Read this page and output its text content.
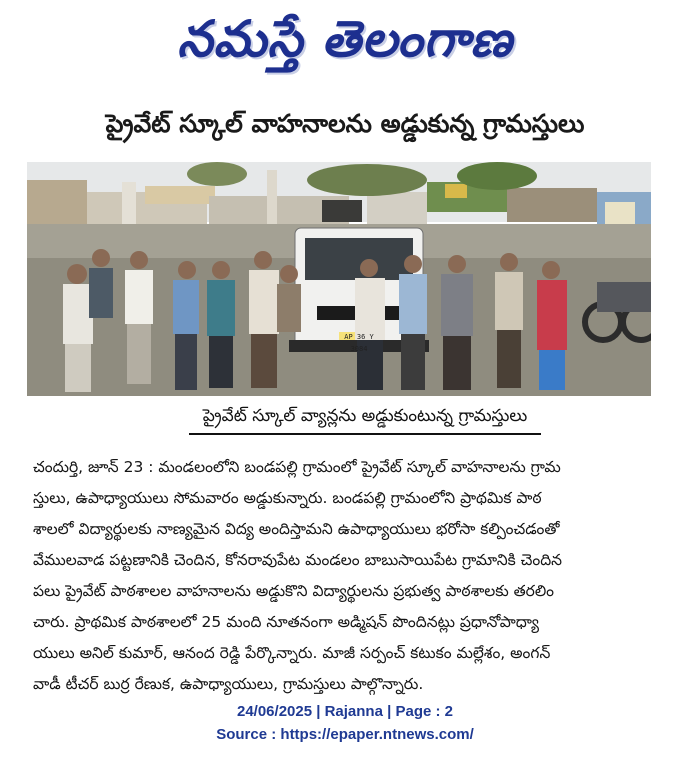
నమస్తే తెలంగాణ
ప్రైవేట్ స్కూల్ వాహనాలను అడ్డుకున్న గ్రామస్తులు
AP 36 Y 3084
ప్రైవేట్ స్కూల్ వ్యాన్లను అడ్డుకుంటున్న గ్రామస్తులు
చందుర్తి, జూన్ 23 : మండలంలోని బండపల్లి గ్రామంలో ప్రైవేట్ స్కూల్ వాహనాలను గ్రామ
స్తులు, ఉపాధ్యాయులు సోమవారం అడ్డుకున్నారు. బండపల్లి గ్రామంలోని ప్రాథమిక పాఠ
శాలలో విద్యార్థులకు నాణ్యమైన విద్య అందిస్తామని ఉపాధ్యాయులు భరోసా కల్పించడంతో
వేములవాడ పట్టణానికి చెందిన, కోనరావుపేట మండలం బాబుసాయిపేట గ్రామానికి చెందిన
పలు ప్రైవేట్ పాఠశాలల వాహనాలను అడ్డుకొని విద్యార్థులను ప్రభుత్వ పాఠశాలకు తరలిం
చారు. ప్రాథమిక పాఠశాలలో 25 మంది నూతనంగా అడ్మిషన్ పొందినట్లు ప్రధానోపాధ్యా
యులు అనిల్ కుమార్, ఆనంద రెడ్డి పేర్కొన్నారు. మాజీ సర్పంచ్ కటుకం మల్లేశం, అంగన్
వాడీ టీచర్ బుర్ర రేణుక, ఉపాధ్యాయులు, గ్రామస్తులు పాల్గొన్నారు.
24/06/2025 | Rajanna | Page : 2
Source : https://epaper.ntnews.com/
